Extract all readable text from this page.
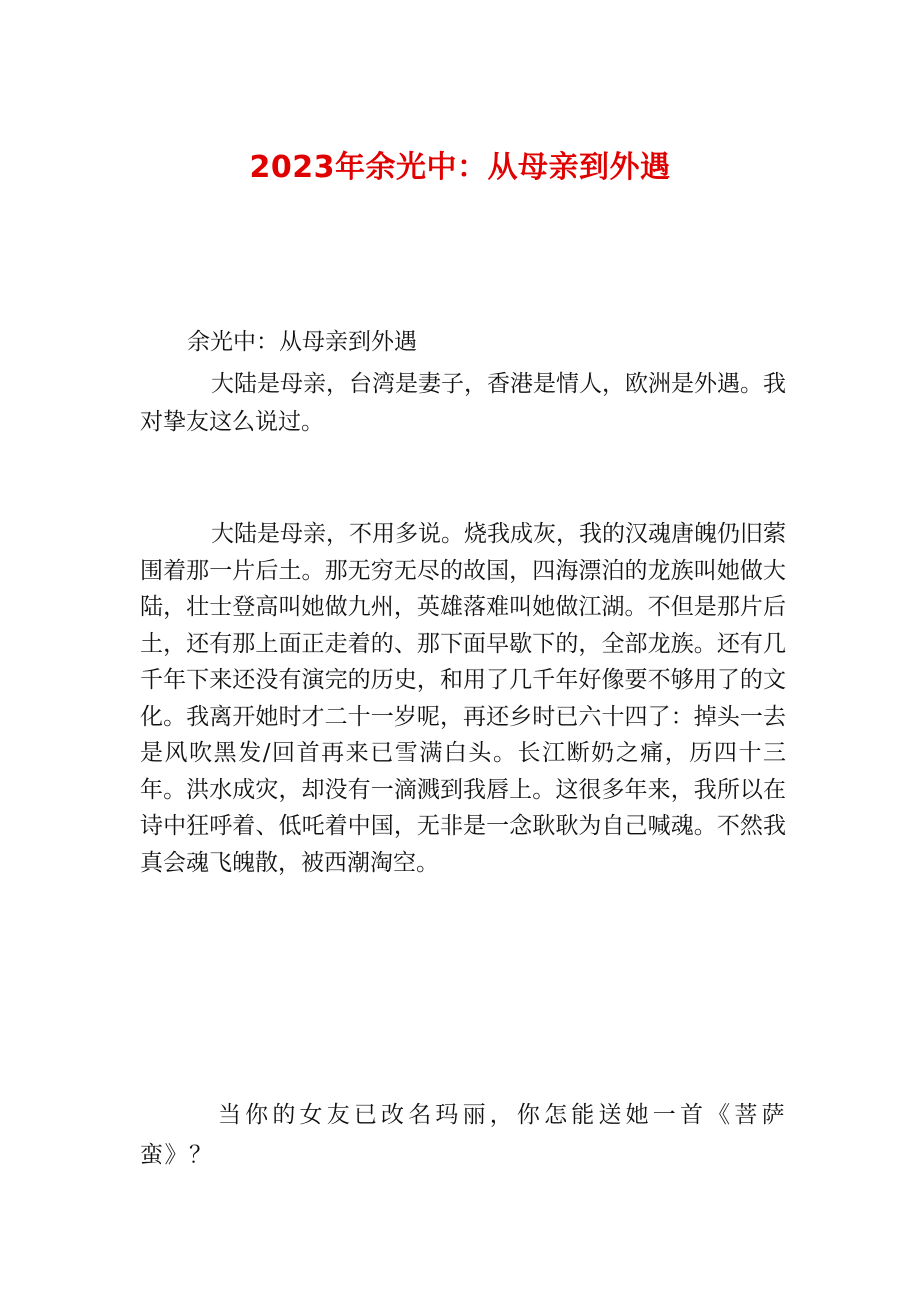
2023年余光中：从母亲到外遇
余光中：从母亲到外遇
大陆是母亲，台湾是妻子，香港是情人，欧洲是外遇。我对挚友这么说过。
大陆是母亲，不用多说。烧我成灰，我的汉魂唐魄仍旧萦围着那一片后土。那无穷无尽的故国，四海漂泊的龙族叫她做大陆，壮士登高叫她做九州，英雄落难叫她做江湖。不但是那片后土，还有那上面正走着的、那下面早歇下的，全部龙族。还有几千年下来还没有演完的历史，和用了几千年好像要不够用了的文化。我离开她时才二十一岁呢，再还乡时已六十四了：掉头一去是风吹黑发/回首再来已雪满白头。长江断奶之痛，历四十三年。洪水成灾，却没有一滴溅到我唇上。这很多年来，我所以在诗中狂呼着、低吒着中国，无非是一念耿耿为自己喊魂。不然我真会魂飞魄散，被西潮淘空。
当你的女友已改名玛丽，你怎能送她一首《菩萨蛮》？
